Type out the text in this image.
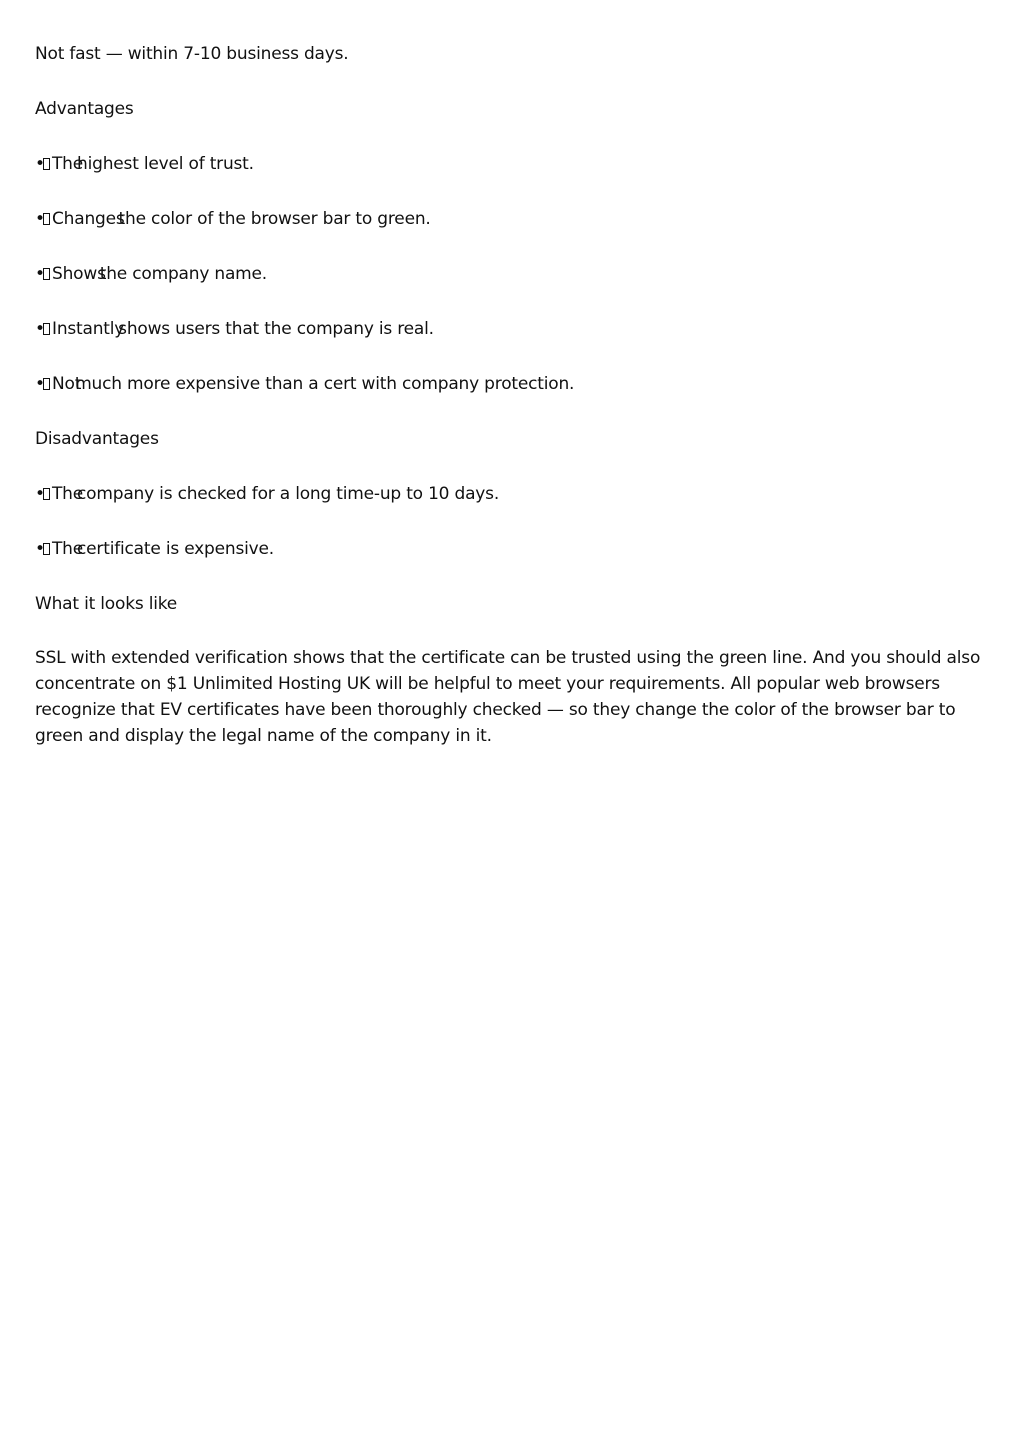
Not fast — within 7-10 business days.

Advantages

• The
highest level of trust.
• Changes
the color of the browser bar to green.
• Shows
the company name.
• Instantly
shows users that the company is real.
• Not
much more expensive than a cert with company protection.

Disadvantages

• The
company is checked for a long time-up to 10 days.
• The
certificate is expensive.

What it looks like

SSL with extended verification shows that the certificate can be trusted using the green line. And you should also concentrate on $1 Unlimited Hosting UK will be helpful to meet your requirements. All popular web browsers recognize that EV certificates have been thoroughly checked — so they change the color of the browser bar to green and display the legal name of the company in it.
